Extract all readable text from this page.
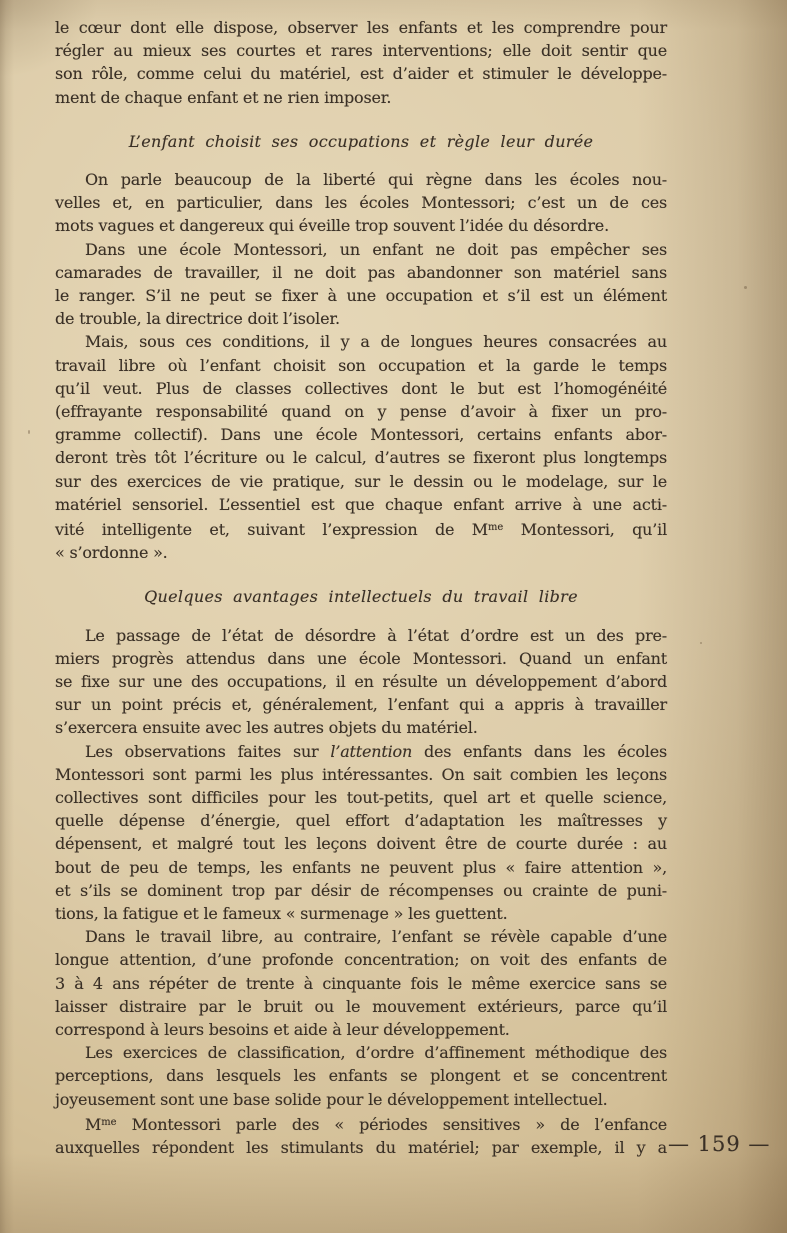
le cœur dont elle dispose, observer les enfants et les comprendre pour
régler au mieux ses courtes et rares interventions; elle doit sentir que
son rôle, comme celui du matériel, est d’aider et stimuler le développe-
ment de chaque enfant et ne rien imposer.
L’enfant choisit ses occupations et règle leur durée
On parle beaucoup de la liberté qui règne dans les écoles nou-
velles et, en particulier, dans les écoles Montessori; c’est un de ces
mots vagues et dangereux qui éveille trop souvent l’idée du désordre.
Dans une école Montessori, un enfant ne doit pas empêcher ses
camarades de travailler, il ne doit pas abandonner son matériel sans
le ranger. S’il ne peut se fixer à une occupation et s’il est un élément
de trouble, la directrice doit l’isoler.
Mais, sous ces conditions, il y a de longues heures consacrées au
travail libre où l’enfant choisit son occupation et la garde le temps
qu’il veut. Plus de classes collectives dont le but est l’homogénéité
(effrayante responsabilité quand on y pense d’avoir à fixer un pro-
gramme collectif). Dans une école Montessori, certains enfants abor-
deront très tôt l’écriture ou le calcul, d’autres se fixeront plus longtemps
sur des exercices de vie pratique, sur le dessin ou le modelage, sur le
matériel sensoriel. L’essentiel est que chaque enfant arrive à une acti-
vité intelligente et, suivant l’expression de $M^{me}$ Montessori, qu’il
« s’ordonne ».
Quelques avantages intellectuels du travail libre
Le passage de l’état de désordre à l’état d’ordre est un des pre-
miers progrès attendus dans une école Montessori. Quand un enfant
se fixe sur une des occupations, il en résulte un développement d’abord
sur un point précis et, généralement, l’enfant qui a appris à travailler
s’exercera ensuite avec les autres objets du matériel.
Les observations faites sur l’attention des enfants dans les écoles
Montessori sont parmi les plus intéressantes. On sait combien les leçons
collectives sont difficiles pour les tout-petits, quel art et quelle science,
quelle dépense d’énergie, quel effort d’adaptation les maîtresses y
dépensent, et malgré tout les leçons doivent être de courte durée : au
bout de peu de temps, les enfants ne peuvent plus « faire attention »,
et s’ils se dominent trop par désir de récompenses ou crainte de puni-
tions, la fatigue et le fameux « surmenage » les guettent.
Dans le travail libre, au contraire, l’enfant se révèle capable d’une
longue attention, d’une profonde concentration; on voit des enfants de
3 à 4 ans répéter de trente à cinquante fois le même exercice sans se
laisser distraire par le bruit ou le mouvement extérieurs, parce qu’il
correspond à leurs besoins et aide à leur développement.
Les exercices de classification, d’ordre d’affinement méthodique des
perceptions, dans lesquels les enfants se plongent et se concentrent
joyeusement sont une base solide pour le développement intellectuel.
$M^{me}$ Montessori parle des « périodes sensitives » de l’enfance
auxquelles répondent les stimulants du matériel; par exemple, il y a — 159 —
